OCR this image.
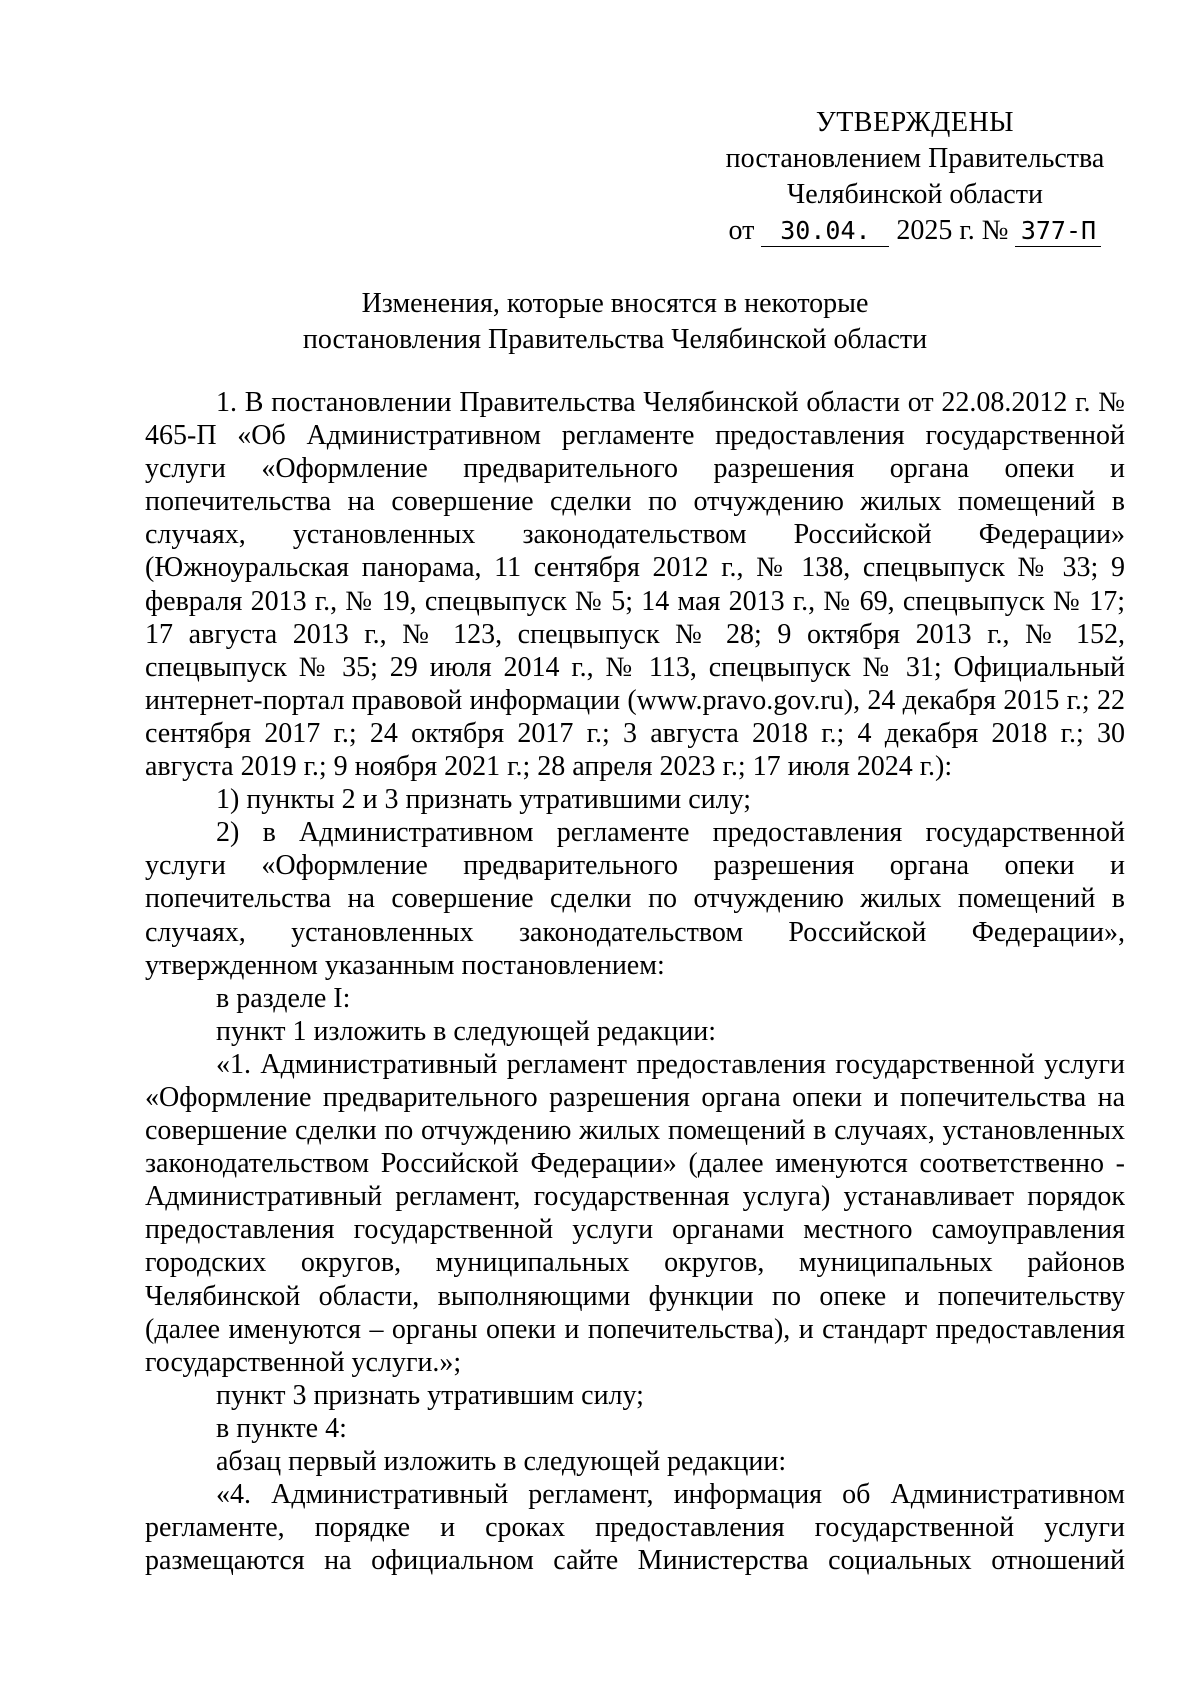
УТВЕРЖДЕНЫ
постановлением Правительства
Челябинской области
от 30.04. 2025 г. № 377-П
Изменения, которые вносятся в некоторые
постановления Правительства Челябинской области

1. В постановлении Правительства Челябинской области от 22.08.2012 г. № 465-П «Об Административном регламенте предоставления государственной услуги «Оформление предварительного разрешения органа опеки и попечительства на совершение сделки по отчуждению жилых помещений в случаях, установленных законодательством Российской Федерации» (Южноуральская панорама, 11 сентября 2012 г., № 138, спецвыпуск № 33; 9 февраля 2013 г., № 19, спецвыпуск № 5; 14 мая 2013 г., № 69, спецвыпуск № 17; 17 августа 2013 г., № 123, спецвыпуск № 28; 9 октября 2013 г., № 152, спецвыпуск № 35; 29 июля 2014 г., № 113, спецвыпуск № 31; Официальный интернет-портал правовой информации (www.pravo.gov.ru), 24 декабря 2015 г.; 22 сентября 2017 г.; 24 октября 2017 г.; 3 августа 2018 г.; 4 декабря 2018 г.; 30 августа 2019 г.; 9 ноября 2021 г.; 28 апреля 2023 г.; 17 июля 2024 г.):

1) пункты 2 и 3 признать утратившими силу;

2) в Административном регламенте предоставления государственной услуги «Оформление предварительного разрешения органа опеки и попечительства на совершение сделки по отчуждению жилых помещений в случаях, установленных законодательством Российской Федерации», утвержденном указанным постановлением:

в разделе I:

пункт 1 изложить в следующей редакции:

«1. Административный регламент предоставления государственной услуги «Оформление предварительного разрешения органа опеки и попечительства на совершение сделки по отчуждению жилых помещений в случаях, установленных законодательством Российской Федерации» (далее именуются соответственно - Административный регламент, государственная услуга) устанавливает порядок предоставления государственной услуги органами местного самоуправления городских округов, муниципальных округов, муниципальных районов Челябинской области, выполняющими функции по опеке и попечительству (далее именуются – органы опеки и попечительства), и стандарт предоставления государственной услуги.»;

пункт 3 признать утратившим силу;

в пункте 4:

абзац первый изложить в следующей редакции:

«4. Административный регламент, информация об Административном регламенте, порядке и сроках предоставления государственной услуги размещаются на официальном сайте Министерства социальных отношений
